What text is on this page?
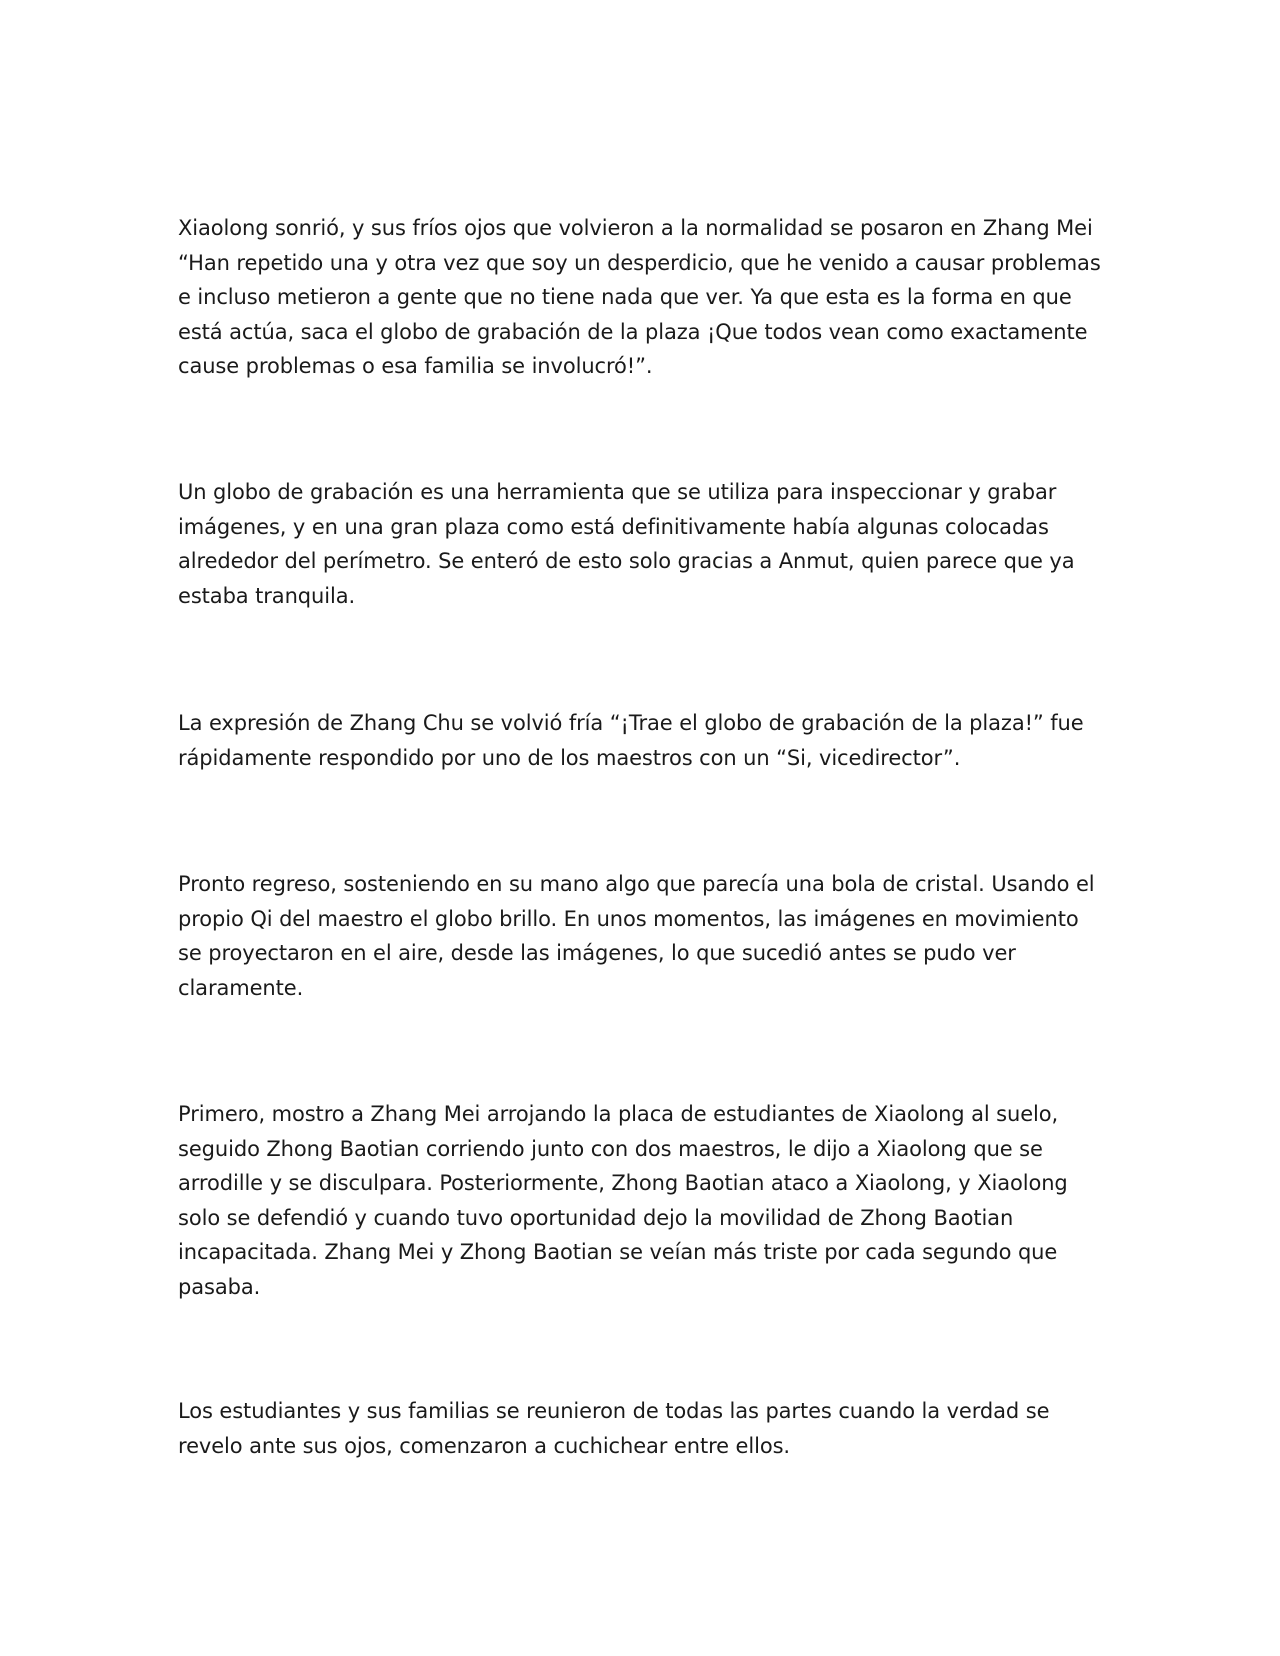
Xiaolong sonrió, y sus fríos ojos que volvieron a la normalidad se posaron en Zhang Mei
“Han repetido una y otra vez que soy un desperdicio, que he venido a causar problemas
e incluso metieron a gente que no tiene nada que ver. Ya que esta es la forma en que
está actúa, saca el globo de grabación de la plaza ¡Que todos vean como exactamente
cause problemas o esa familia se involucró!”.

Un globo de grabación es una herramienta que se utiliza para inspeccionar y grabar
imágenes, y en una gran plaza como está definitivamente había algunas colocadas
alrededor del perímetro. Se enteró de esto solo gracias a Anmut, quien parece que ya
estaba tranquila.

La expresión de Zhang Chu se volvió fría “¡Trae el globo de grabación de la plaza!” fue
rápidamente respondido por uno de los maestros con un “Si, vicedirector”.

Pronto regreso, sosteniendo en su mano algo que parecía una bola de cristal. Usando el
propio Qi del maestro el globo brillo. En unos momentos, las imágenes en movimiento
se proyectaron en el aire, desde las imágenes, lo que sucedió antes se pudo ver
claramente.

Primero, mostro a Zhang Mei arrojando la placa de estudiantes de Xiaolong al suelo,
seguido Zhong Baotian corriendo junto con dos maestros, le dijo a Xiaolong que se
arrodille y se disculpara. Posteriormente, Zhong Baotian ataco a Xiaolong, y Xiaolong
solo se defendió y cuando tuvo oportunidad dejo la movilidad de Zhong Baotian
incapacitada. Zhang Mei y Zhong Baotian se veían más triste por cada segundo que
pasaba.

Los estudiantes y sus familias se reunieron de todas las partes cuando la verdad se
revelo ante sus ojos, comenzaron a cuchichear entre ellos.
